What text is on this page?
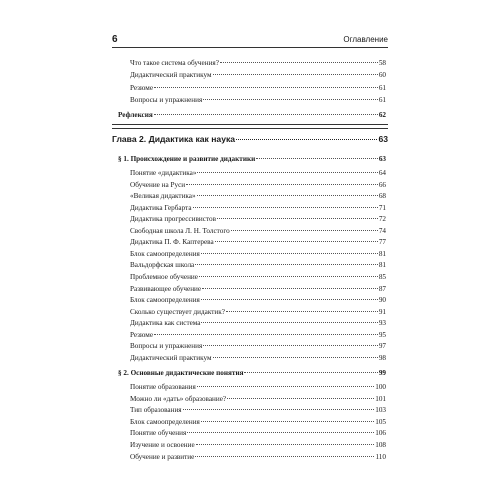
6	Оглавление
Что такое система обучения?	58
Дидактический практикум	60
Резюме	61
Вопросы и упражнения	61
Рефлексия	62
Глава 2. Дидактика как наука	63
§ 1. Происхождение и развитие дидактики	63
Понятие «дидактика»	64
Обучение на Руси	66
«Великая дидактика»	68
Дидактика Гербарта	71
Дидактика прогрессивистов	72
Свободная школа Л. Н. Толстого	74
Дидактика П. Ф. Каптерева	77
Блок самоопределения	81
Вальдорфская школа	81
Проблемное обучение	85
Развивающее обучение	87
Блок самоопределения	90
Сколько существует дидактик?	91
Дидактика как система	93
Резюме	95
Вопросы и упражнения	97
Дидактический практикум	98
§ 2. Основные дидактические понятия	99
Понятие образования	100
Можно ли «дать» образование?	101
Тип образования	103
Блок самоопределения	105
Понятие обучения	106
Изучение и освоение	108
Обучение и развитие	110
